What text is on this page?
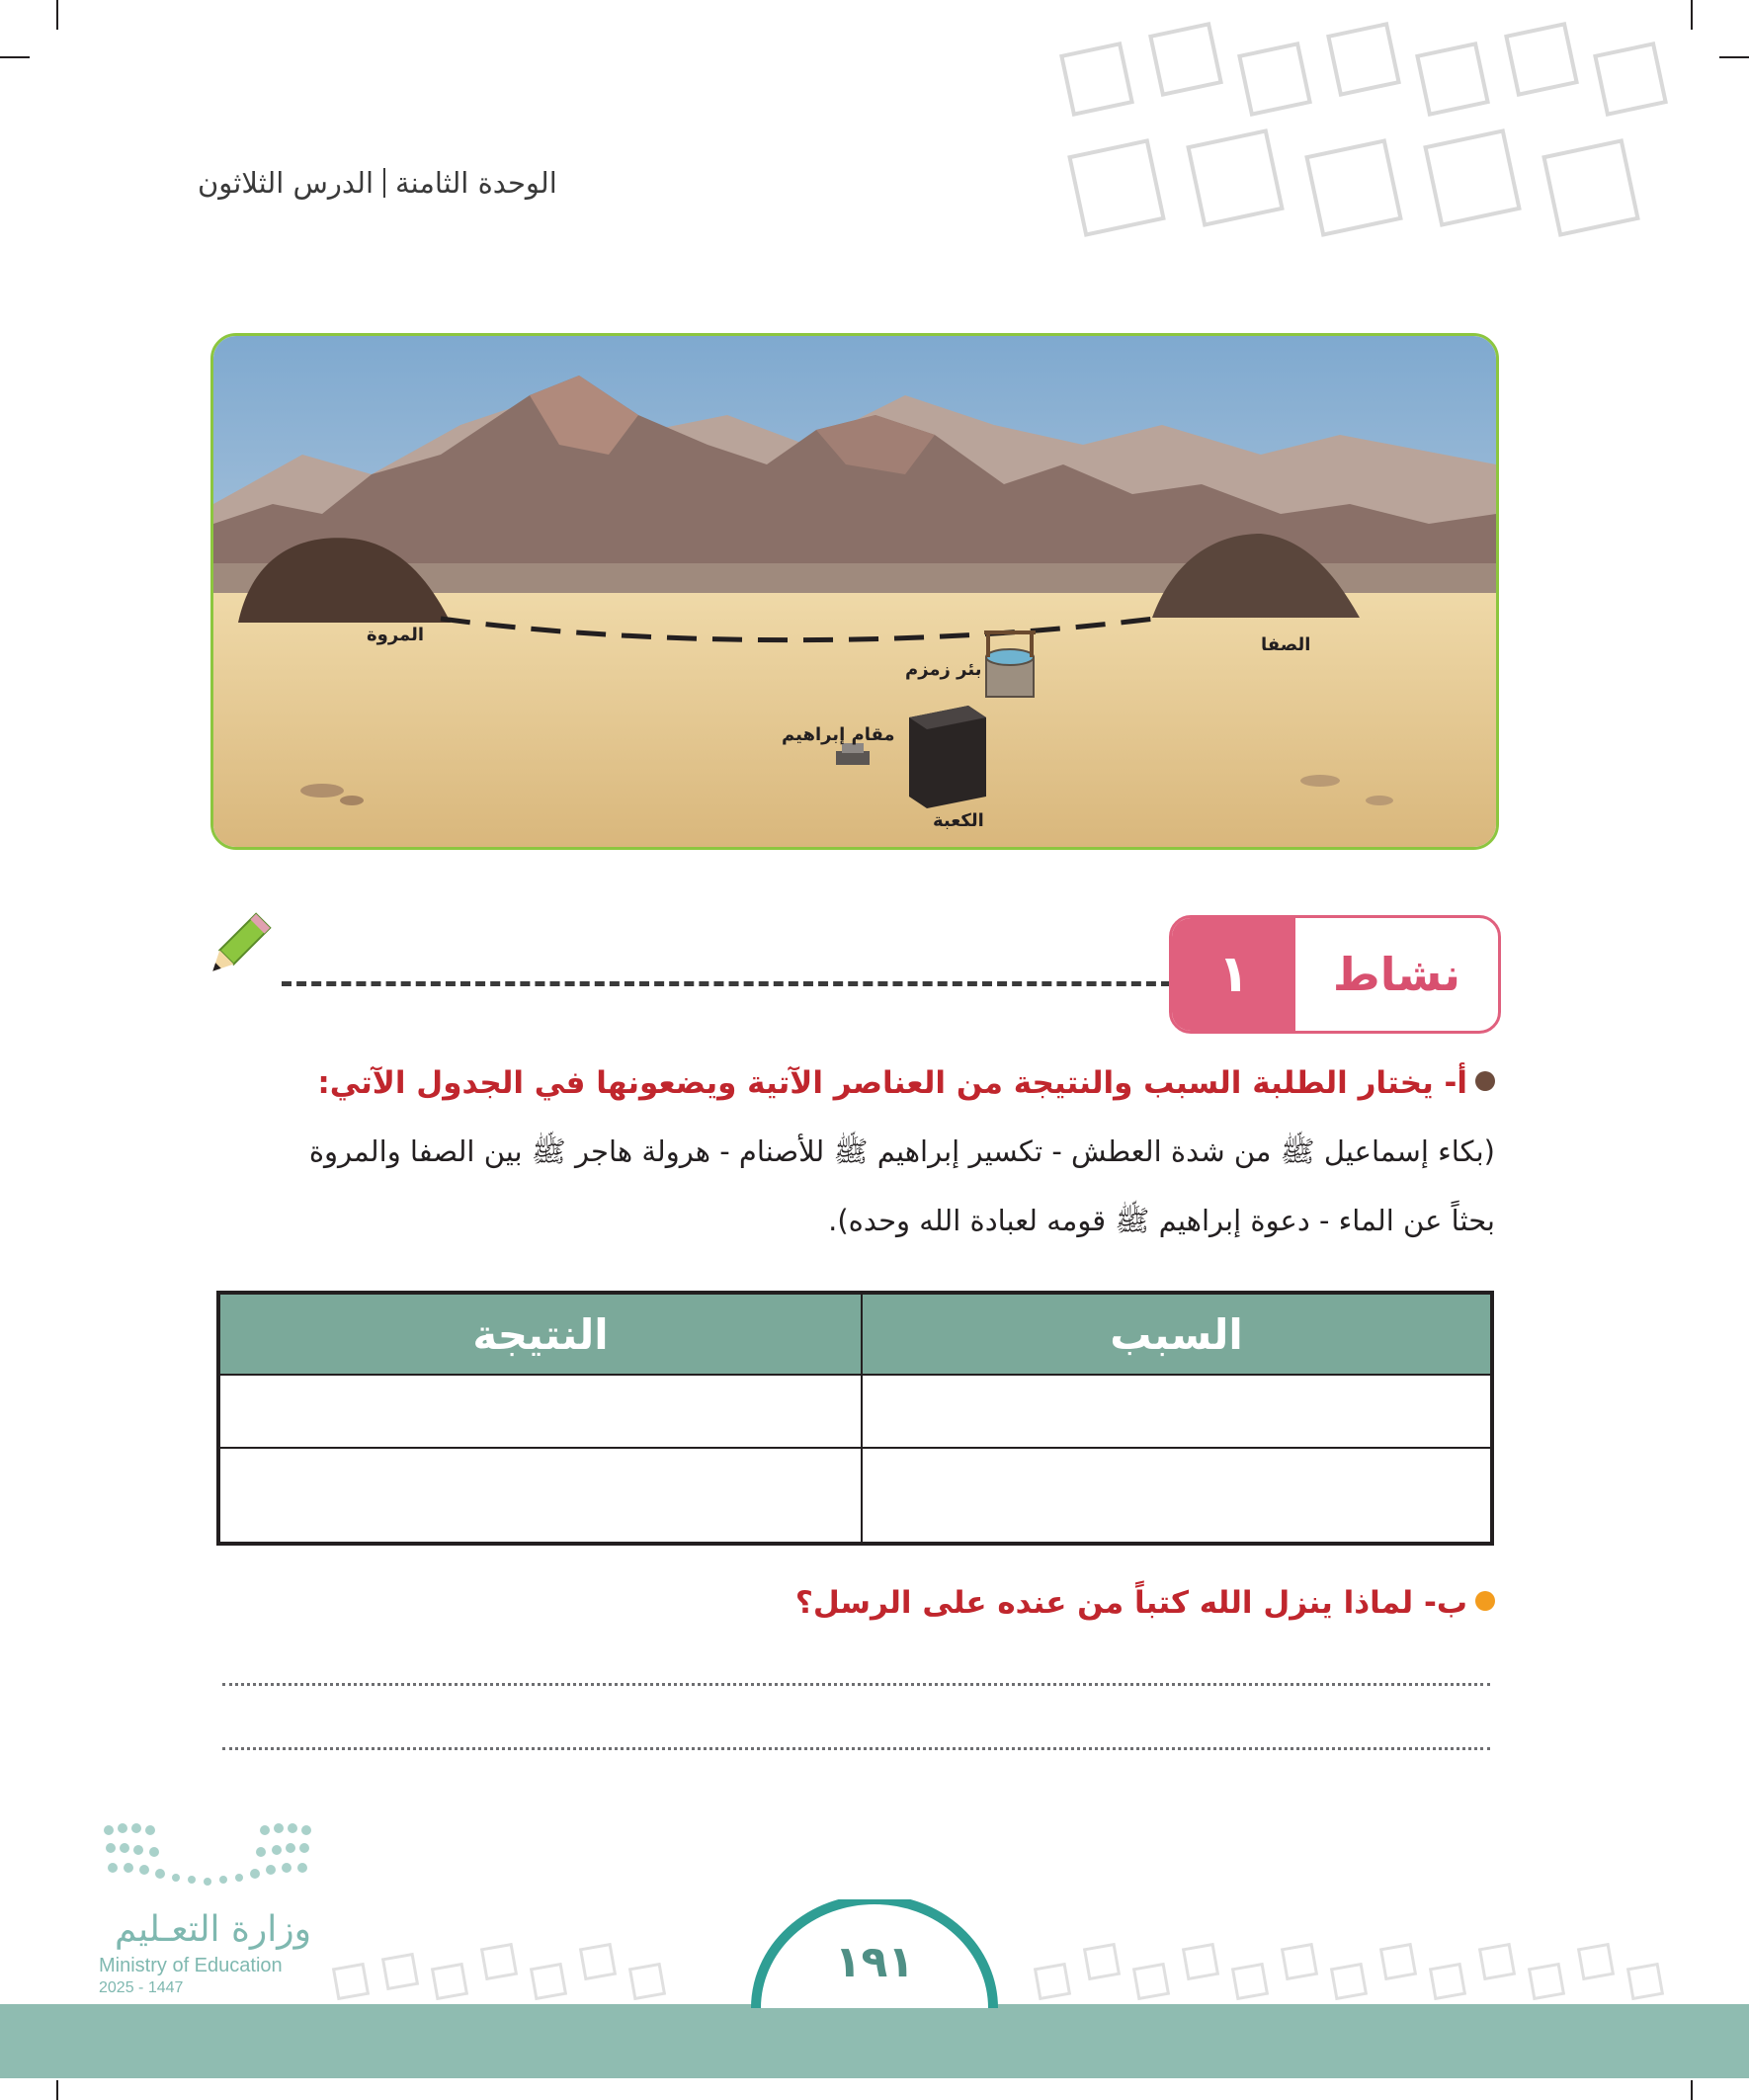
الوحدة الثامنةالدرس الثلاثون
المروة	الصفا
بئر زمزم
مقام إبراهيم
الكعبة
١	نشاط
أ- يختار الطلبة السبب والنتيجة من العناصر الآتية ويضعونها في الجدول الآتي:
(بكاء إسماعيل ﷺ من شدة العطش - تكسير إبراهيم ﷺ للأصنام - هرولة هاجر ﷺ بين الصفا والمروة
بحثاً عن الماء - دعوة إبراهيم ﷺ قومه لعبادة الله وحده).
السبب	النتيجة

ب- لماذا ينزل الله كتباً من عنده على الرسل؟
وزارة التعـليم
Ministry of Education
2025 - 1447
١٩١
